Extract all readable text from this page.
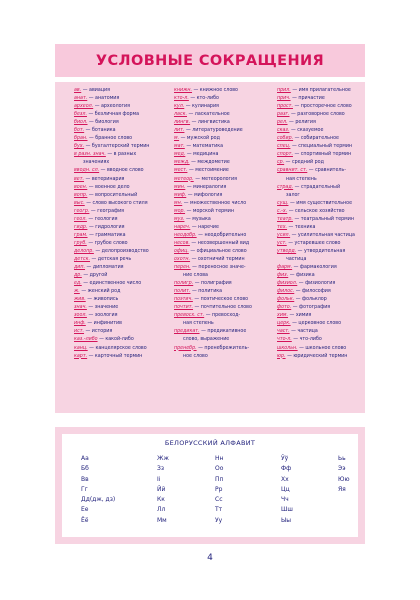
УСЛОВНЫЕ СОКРАЩЕНИЯ
ав. — авиация
анат. — анатомия
археол. — археология
безл. — безличная форма
биол. — биология
бот. — ботаника
бран. — бранное слово
бух. — бухгалтерский термин
в разн. знач. — в разных
значениях
вводн. сл. — вводное слово
вет. — ветеринария
воен. — военное дело
вопр. — вопросительный
выс. — слово высокого стиля
геогр. — география
геол. — геология
гидр. — гидрология
грам. — грамматика
груб. — грубое слово
делопр. — делопроизводство
детск. — детская речь
дип. — дипломатия
др. — другой
ед. — единственное число
ж. — женский род
жив. — живопись
знач. — значение
зоол. — зоология
инф. — инфинитив
ист. — история
каз.-либо — какой-либо
канц. — канцелярское слово
карт. — карточный термин
книжн. — книжное слово
кто-л. — кто-либо
кул. — кулинария
ласк. — ласкательное
лингв. — лингвистика
лит. — литературоведение
м. — мужской род
мат. — математика
мед. — медицина
межд. — междометие
мест. — местоимение
метеор. — метеорология
мин. — минералогия
миф. — мифология
мн. — множественное число
мор. — морской термин
муз. — музыка
нареч. — наречие
неодобр. — неодобрительно
несов. — несовершенный вид
офиц. — официальное слово
охотн. — охотничий термин
перен. — переносное значе-
ние слова
полигр. — полиграфия
полит. — политика
поэтич. — поэтическое слово
почтит. — почтительное слово
превосх. ст. — превосход-
ная степень
предикат. — предикативное
слово, выражение
пренебр. — пренебрежитель-
ное слово
прил. — имя прилагательное
прич. — причастие
прост. — просторечное слово
разг. — разговорное слово
рел. — религия
сказ. — сказуемое
собир. — собирательное
спец. — специальный термин
спорт. — спортивный термин
ср. — средний род
сравнит. ст. — сравнитель-
ная степень
страд. — страдательный
залог
сущ. — имя существительное
с.-х. — сельское хозяйство
театр. — театральный термин
тех. — техника
усил. — усилительная частица
уст. — устаревшее слово
утверд. — утвердительная
частица
фарм. — фармакология
физ. — физика
физиол. — физиология
филос. — философия
фольк. — фольклор
фото. — фотография
хим. — химия
церк. — церковное слово
част. — частица
что-л. — что-либо
школьн. — школьное слово
юр. — юридический термин
БЕЛОРУССКИЙ АЛФАВИТ
Аа
Бб
Вв
Гг
Дд(дж, дз)
Ее
Ёё
Жж
Зз
Іі
Йй
Кк
Лл
Мм
Нн
Оо
Пп
Рр
Сс
Тт
Уу
Ўў
Фф
Хх
Цц
Чч
Шш
Ыы
Ьь
Ээ
Юю
Яя
4
